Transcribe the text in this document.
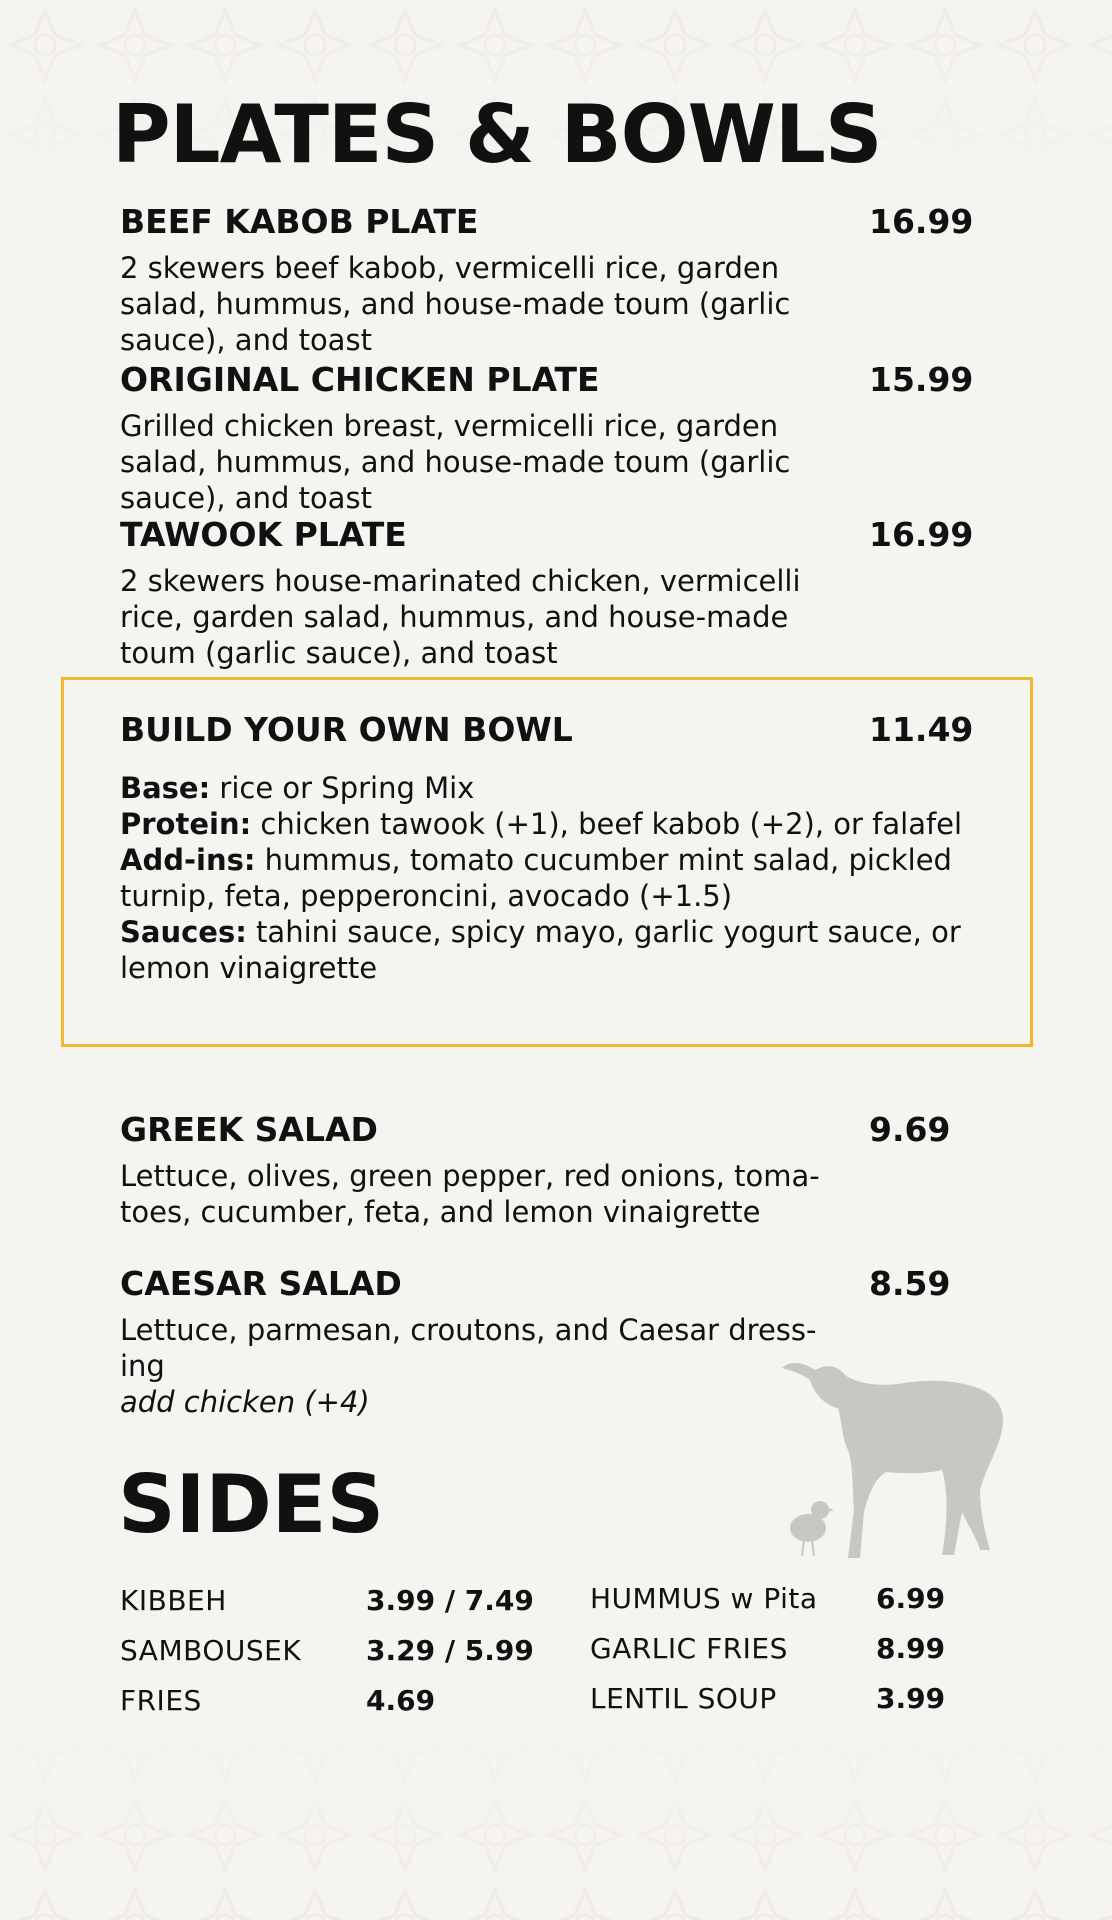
PLATES & BOWLS
BEEF KABOB PLATE	16.99
2 skewers beef kabob, vermicelli rice, garden salad, hummus, and house-made toum (garlic sauce), and toast
ORIGINAL CHICKEN PLATE	15.99
Grilled chicken breast, vermicelli rice, garden salad, hummus, and house-made toum (garlic sauce), and toast
TAWOOK PLATE	16.99
2 skewers house-marinated chicken, vermicelli rice, garden salad, hummus, and house-made toum (garlic sauce), and toast
BUILD YOUR OWN BOWL	11.49
Base: rice or Spring Mix
Protein: chicken tawook (+1), beef kabob (+2), or falafel
Add-ins: hummus, tomato cucumber mint salad, pickled turnip, feta, pepperoncini, avocado (+1.5)
Sauces: tahini sauce, spicy mayo, garlic yogurt sauce, or lemon vinaigrette
GREEK SALAD	9.69
Lettuce, olives, green pepper, red onions, toma-toes, cucumber, feta, and lemon vinaigrette
CAESAR SALAD	8.59
Lettuce, parmesan, croutons, and Caesar dress-ing
add chicken (+4)
SIDES
KIBBEH	3.99 / 7.49
SAMBOUSEK	3.29 / 5.99
FRIES	4.69
HUMMUS w Pita	6.99
GARLIC FRIES	8.99
LENTIL SOUP	3.99
